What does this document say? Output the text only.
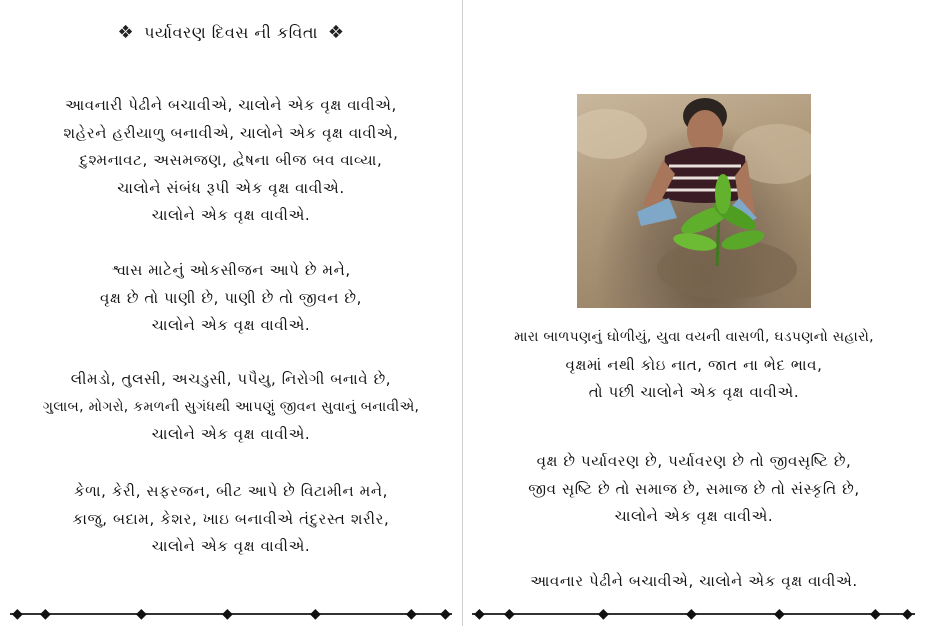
❖ પર્યાવરણ દિવસ ની કવિતા ❖
આવનારી પેઢીને બચાવીએ, ચાલોને એક વૃક્ષ વાવીએ,
શહેરને હરીયાળુ બનાવીએ, ચાલોને એક વૃક્ષ વાવીએ,
દુશ્મનાવટ, અસમજણ, દ્વેષના બીજ બવ વાવ્યા,
ચાલોને સંબંધ રૂપી એક વૃક્ષ વાવીએ.
ચાલોને એક વૃક્ષ વાવીએ.
શ્વાસ માટેનું ઓકસીજન આપે છે મને,
વૃક્ષ છે તો પાણી છે, પાણી છે તો જીવન છે,
ચાલોને એક વૃક્ષ વાવીએ.
લીમડો, તુલસી, અચડુસી, પપૈયુ, નિરોગી બનાવે છે,
ગુલાબ, મોગરો, કમળની સુગંધથી આપણું જીવન સુવાનું બનાવીએ,
ચાલોને એક વૃક્ષ વાવીએ.
કેળા, કેરી, સફરજન, બીટ આપે છે વિટામીન મને,
કાજુ, બદામ, કેશર, ખાઇ બનાવીએ તંદુરસ્ત શરીર,
ચાલોને એક વૃક્ષ વાવીએ.
મારા બાળપણનું ઘોળીયું, યુવા વયની વાસળી, ઘડપણનો સહારો,
વૃક્ષમાં નથી કોઇ નાત, જાત ના ભેદ ભાવ,
તો પછી ચાલોને એક વૃક્ષ વાવીએ.
વૃક્ષ છે પર્યાવરણ છે, પર્યાવરણ છે તો જીવસૃષ્ટિ છે,
જીવ સૃષ્ટિ છે તો સમાજ છે, સમાજ છે તો સંસ્કૃતિ છે,
ચાલોને એક વૃક્ષ વાવીએ.
આવનાર પેઢીને બચાવીએ, ચાલોને એક વૃક્ષ વાવીએ.
◆ ◆	◆	◆	◆	◆ ◆ ◆ ◆	◆	◆	◆	◆ ◆
